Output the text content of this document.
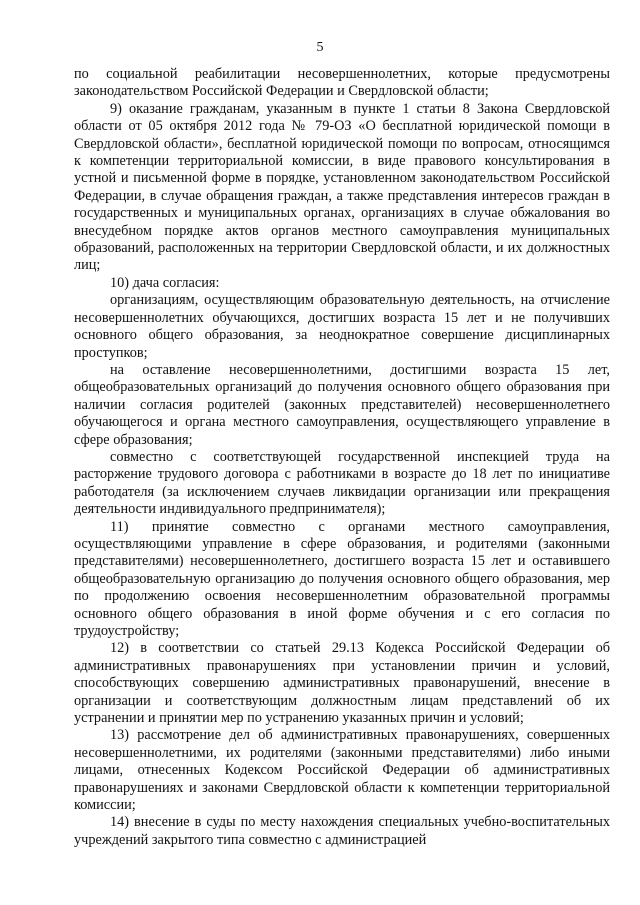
5

по социальной реабилитации несовершеннолетних, которые предусмотрены законодательством Российской Федерации и Свердловской области;

9) оказание гражданам, указанным в пункте 1 статьи 8 Закона Свердловской области от 05 октября 2012 года № 79-ОЗ «О бесплатной юридической помощи в Свердловской области», бесплатной юридической помощи по вопросам, относящимся к компетенции территориальной комиссии, в виде правового консультирования в устной и письменной форме в порядке, установленном законодательством Российской Федерации, в случае обращения граждан, а также представления интересов граждан в государственных и муниципальных органах, организациях в случае обжалования во внесудебном порядке актов органов местного самоуправления муниципальных образований, расположенных на территории Свердловской области, и их должностных лиц;

10) дача согласия:

организациям, осуществляющим образовательную деятельность, на отчисление несовершеннолетних обучающихся, достигших возраста 15 лет и не получивших основного общего образования, за неоднократное совершение дисциплинарных проступков;

на оставление несовершеннолетними, достигшими возраста 15 лет, общеобразовательных организаций до получения основного общего образования при наличии согласия родителей (законных представителей) несовершеннолетнего обучающегося и органа местного самоуправления, осуществляющего управление в сфере образования;

совместно с соответствующей государственной инспекцией труда на расторжение трудового договора с работниками в возрасте до 18 лет по инициативе работодателя (за исключением случаев ликвидации организации или прекращения деятельности индивидуального предпринимателя);

11) принятие совместно с органами местного самоуправления, осуществляющими управление в сфере образования, и родителями (законными представителями) несовершеннолетнего, достигшего возраста 15 лет и оставившего общеобразовательную организацию до получения основного общего образования, мер по продолжению освоения несовершеннолетним образовательной программы основного общего образования в иной форме обучения и с его согласия по трудоустройству;

12) в соответствии со статьей 29.13 Кодекса Российской Федерации об административных правонарушениях при установлении причин и условий, способствующих совершению административных правонарушений, внесение в организации и соответствующим должностным лицам представлений об их устранении и принятии мер по устранению указанных причин и условий;

13) рассмотрение дел об административных правонарушениях, совершенных несовершеннолетними, их родителями (законными представителями) либо иными лицами, отнесенных Кодексом Российской Федерации об административных правонарушениях и законами Свердловской области к компетенции территориальной комиссии;

14) внесение в суды по месту нахождения специальных учебно-воспитательных учреждений закрытого типа совместно с администрацией
